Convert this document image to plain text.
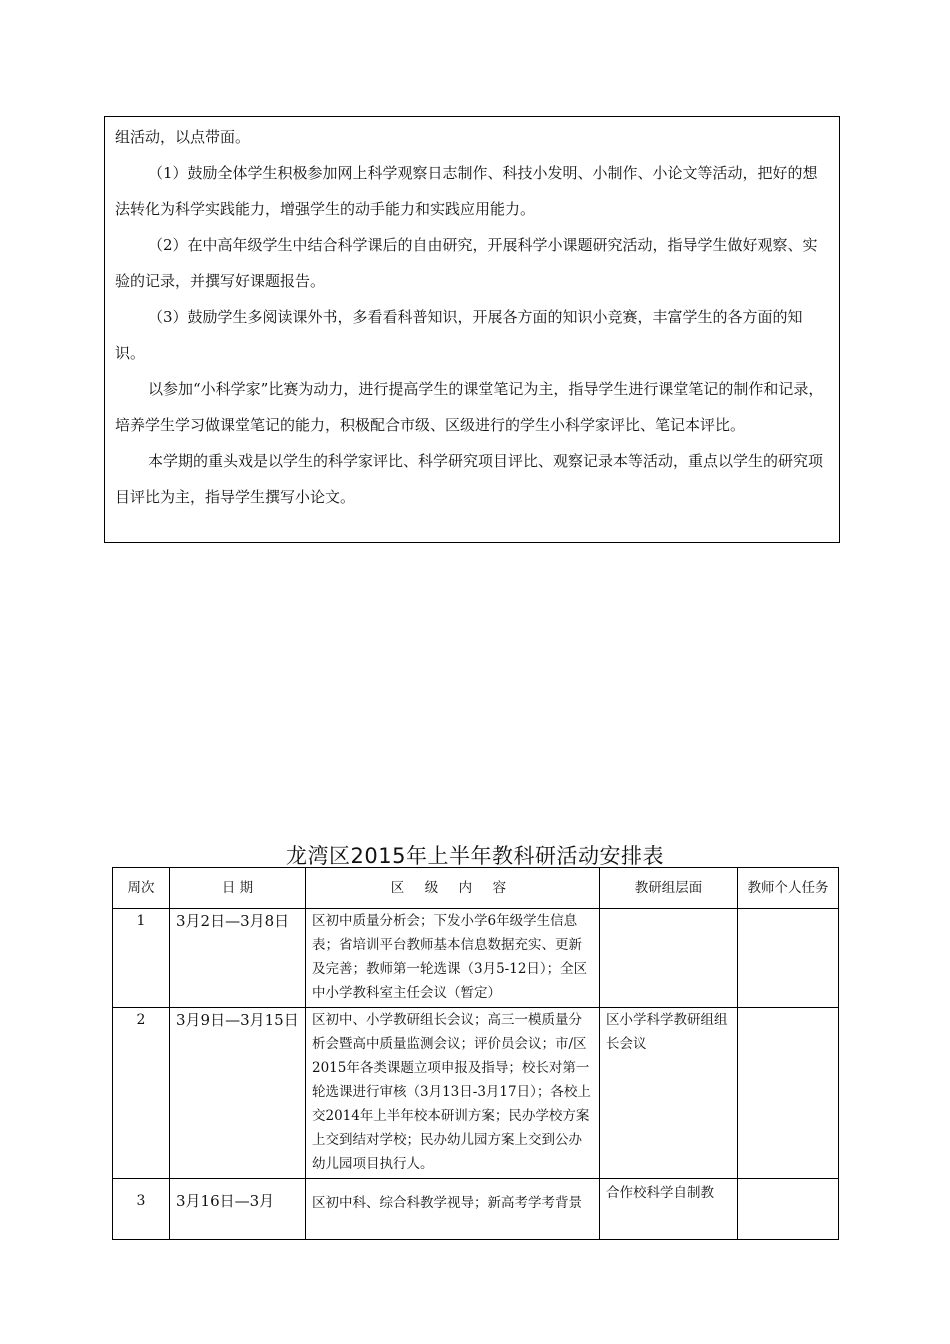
组活动，以点带面。

（1）鼓励全体学生积极参加网上科学观察日志制作、科技小发明、小制作、小论文等活动，把好的想法转化为科学实践能力，增强学生的动手能力和实践应用能力。

（2）在中高年级学生中结合科学课后的自由研究，开展科学小课题研究活动，指导学生做好观察、实验的记录，并撰写好课题报告。

（3）鼓励学生多阅读课外书，多看看科普知识，开展各方面的知识小竞赛，丰富学生的各方面的知识。

以参加“小科学家”比赛为动力，进行提高学生的课堂笔记为主，指导学生进行课堂笔记的制作和记录，培养学生学习做课堂笔记的能力，积极配合市级、区级进行的学生小科学家评比、笔记本评比。

本学期的重头戏是以学生的科学家评比、科学研究项目评比、观察记录本等活动，重点以学生的研究项目评比为主，指导学生撰写小论文。

龙湾区2015年上半年教科研活动安排表
周次	日 期	区 级 内 容	教研组层面	教师个人任务
1	3月2日—3月8日	区初中质量分析会；下发小学6年级学生信息表；省培训平台教师基本信息数据充实、更新及完善；教师第一轮选课（3月5-12日）；全区中小学教科室主任会议（暂定）		
2	3月9日—3月15日	区初中、小学教研组长会议；高三一模质量分析会暨高中质量监测会议；评价员会议；市/区2015年各类课题立项申报及指导；校长对第一轮选课进行审核（3月13日-3月17日）；各校上交2014年上半年校本研训方案；民办学校方案上交到结对学校；民办幼儿园方案上交到公办幼儿园项目执行人。	区小学科学教研组组长会议	
3	3月16日—3月	区初中科、综合科教学视导；新高考学考背景	合作校科学自制教	
